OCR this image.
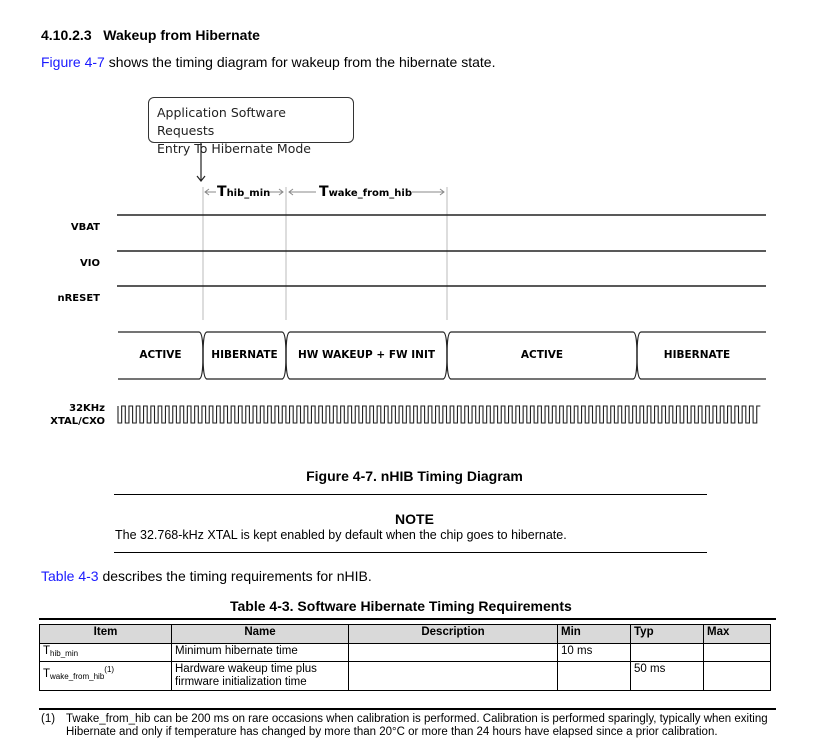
4.10.2.3 Wakeup from Hibernate
Figure 4-7 shows the timing diagram for wakeup from the hibernate state.
Application Software Requests
Entry To Hibernate Mode
Thib_min	Twake_from_hib
VBAT
VIO
nRESET
32KHz
XTAL/CXO
ACTIVE	HIBERNATE	HW WAKEUP + FW INIT	ACTIVE	HIBERNATE
Figure 4-7. nHIB Timing Diagram
NOTE
The 32.768-kHz XTAL is kept enabled by default when the chip goes to hibernate.
Table 4-3 describes the timing requirements for nHIB.
Table 4-3. Software Hibernate Timing Requirements
Item	Name	Description	Min	Typ	Max
$T_{hib\_min}$	Minimum hibernate time		10 ms		
$T_{wake\_from\_hib}^{(1)}$	Hardware wakeup time plus
firmware initialization time			50 ms	
(1) Twake_from_hib can be 200 ms on rare occasions when calibration is performed. Calibration is performed sparingly, typically when exiting Hibernate and only if temperature has changed by more than 20°C or more than 24 hours have elapsed since a prior calibration.
